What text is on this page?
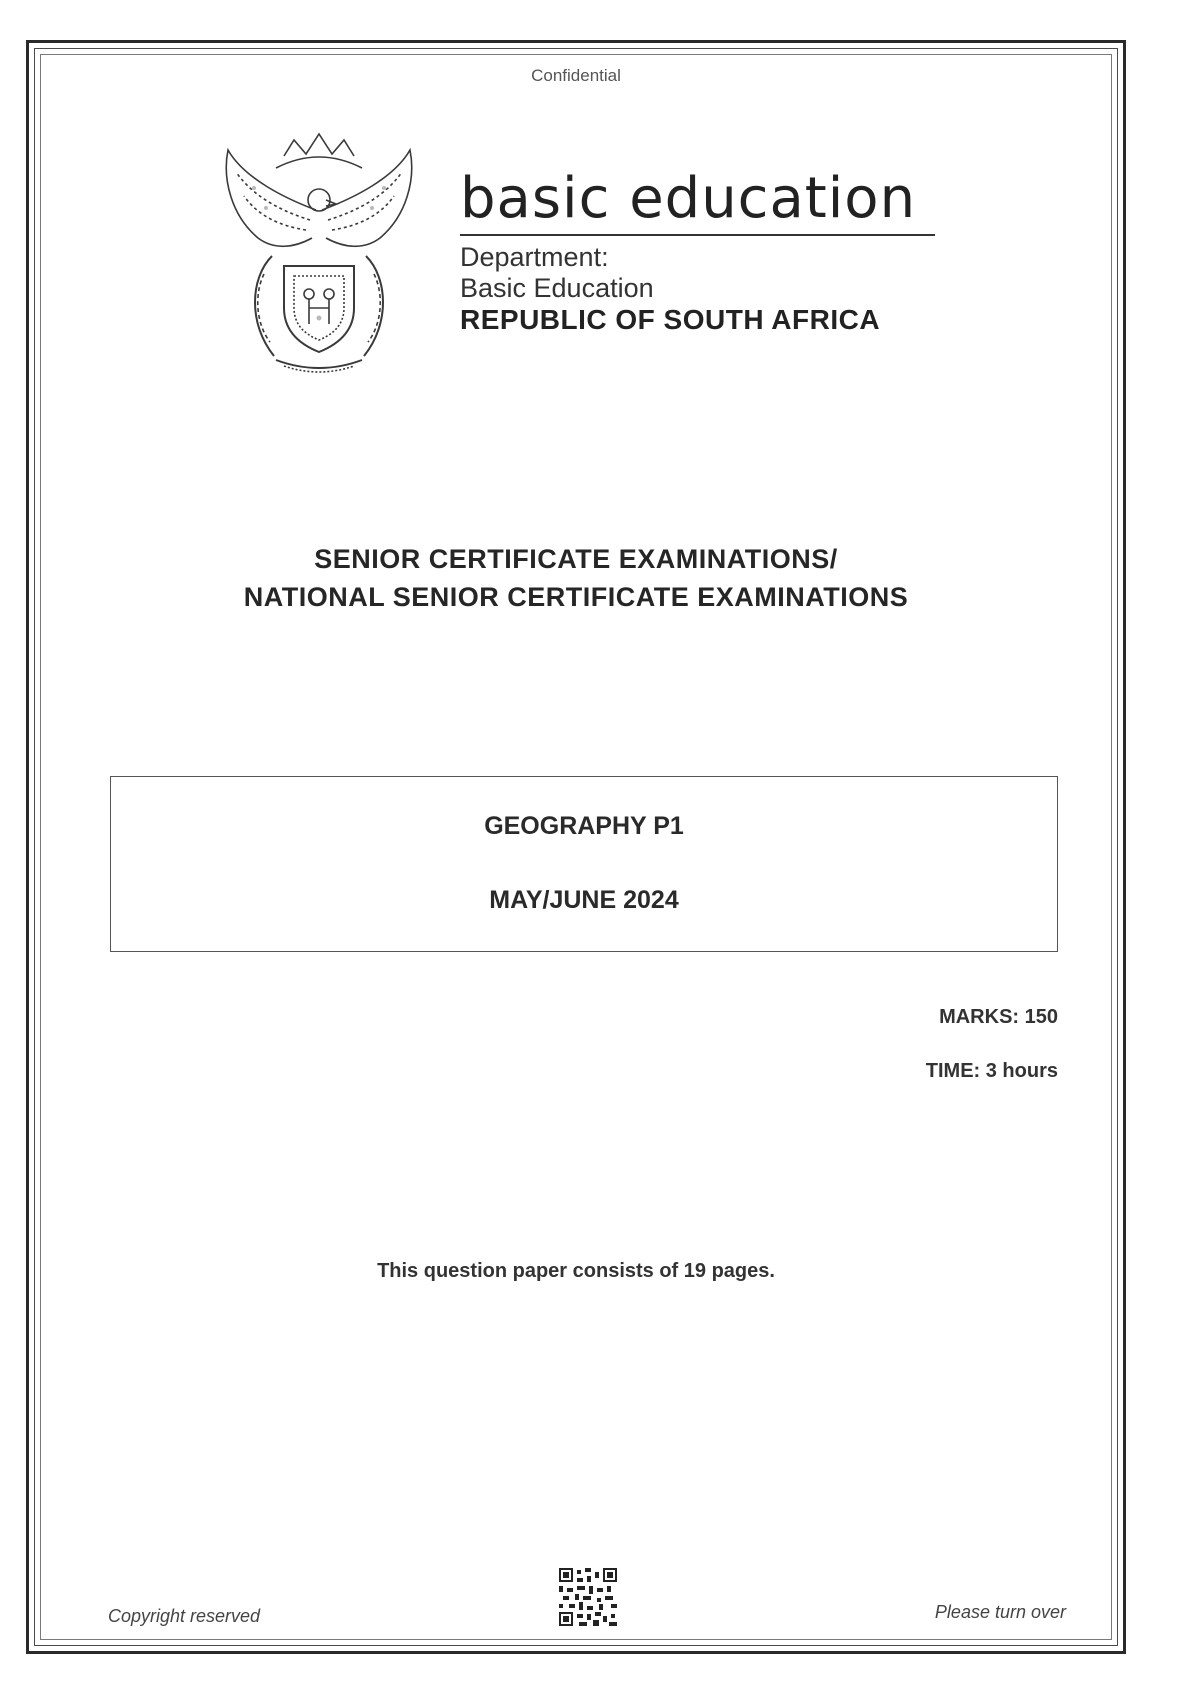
Confidential
basic education
Department:
Basic Education
REPUBLIC OF SOUTH AFRICA
SENIOR CERTIFICATE EXAMINATIONS/
NATIONAL SENIOR CERTIFICATE EXAMINATIONS
GEOGRAPHY P1
MAY/JUNE 2024
MARKS: 150
TIME: 3 hours
This question paper consists of 19 pages.
Copyright reserved	Please turn over
